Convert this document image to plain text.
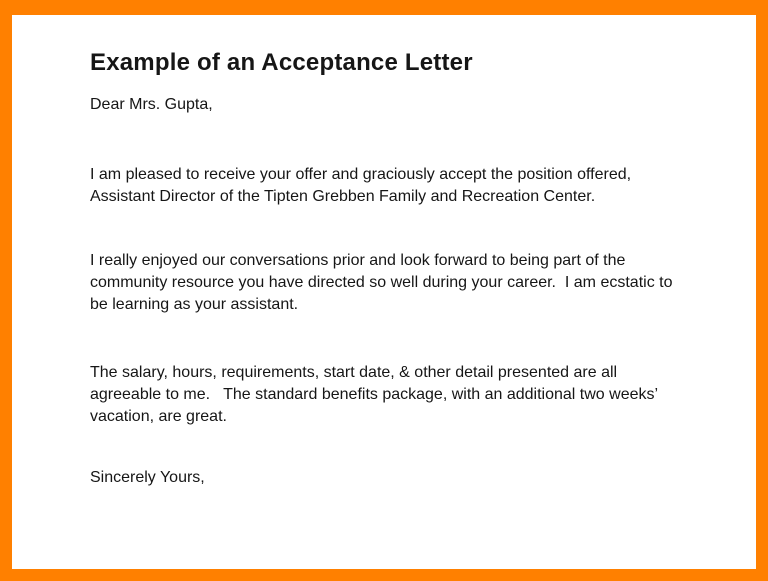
Example of an Acceptance Letter

Dear Mrs. Gupta,

I am pleased to receive your offer and graciously accept the position offered, Assistant Director of the Tipten Grebben Family and Recreation Center.

I really enjoyed our conversations prior and look forward to being part of the community resource you have directed so well during your career.  I am ecstatic to be learning as your assistant.

The salary, hours, requirements, start date, & other detail presented are all agreeable to me.   The standard benefits package, with an additional two weeks’ vacation, are great.

Sincerely Yours,
